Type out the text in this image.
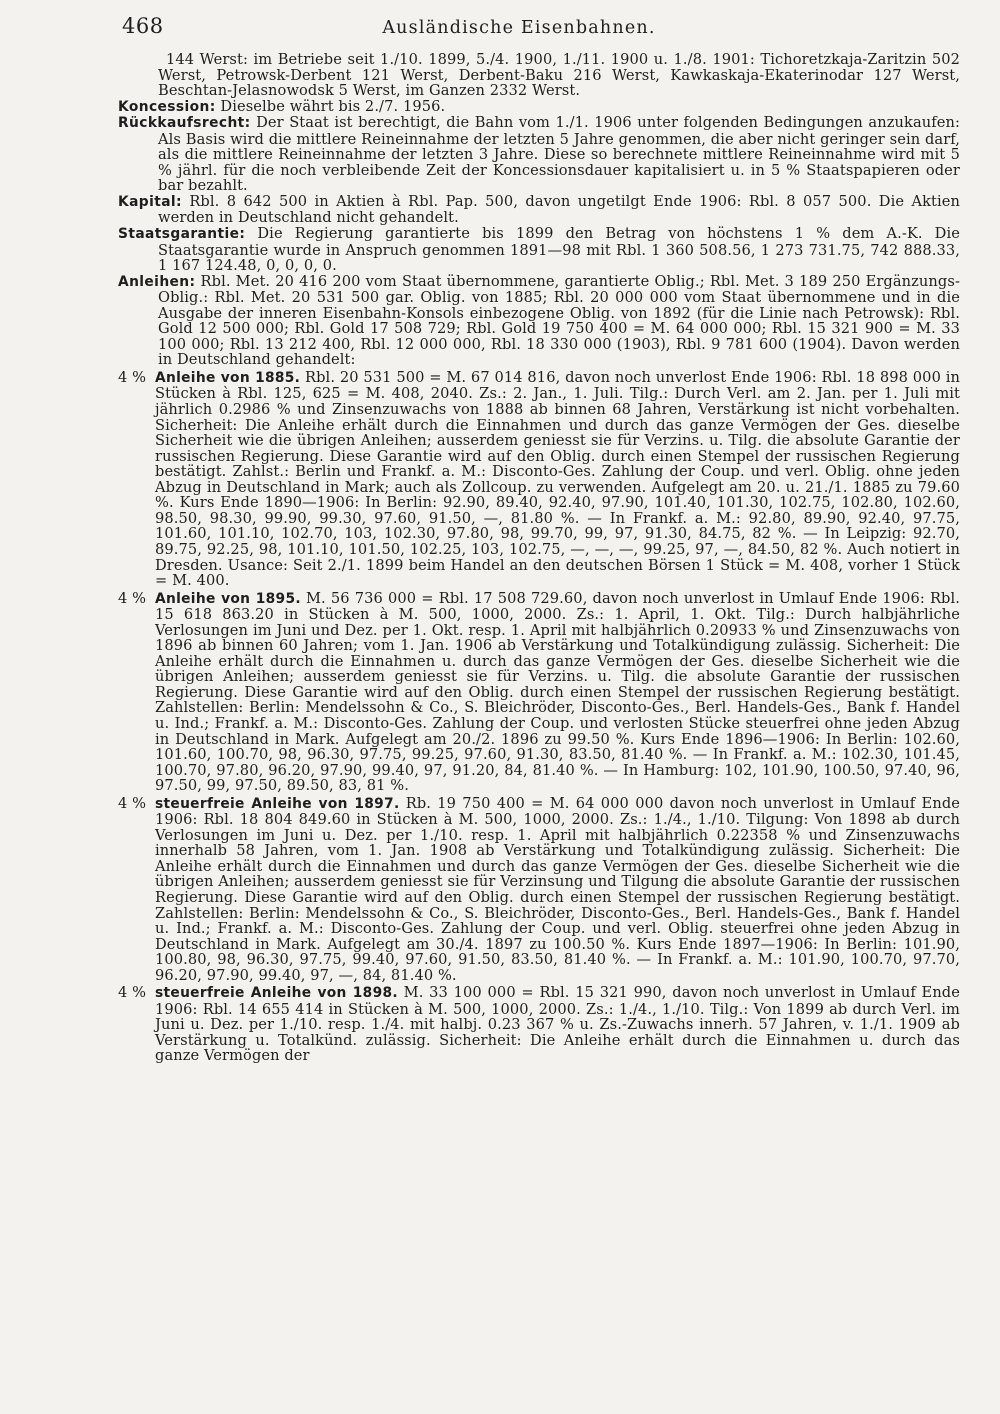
468	Ausländische Eisenbahnen.

144 Werst: im Betriebe seit 1./10. 1899, 5./4. 1900, 1./11. 1900 u. 1./8. 1901: Tichoretzkaja-Zaritzin 502 Werst, Petrowsk-Derbent 121 Werst, Derbent-Baku 216 Werst, Kawkaskaja-Ekaterinodar 127 Werst, Beschtan-Jelasnowodsk 5 Werst, im Ganzen 2332 Werst.

Koncession: Dieselbe währt bis 2./7. 1956.

Rückkaufsrecht: Der Staat ist berechtigt, die Bahn vom 1./1. 1906 unter folgenden Bedingungen anzukaufen: Als Basis wird die mittlere Reineinnahme der letzten 5 Jahre genommen, die aber nicht geringer sein darf, als die mittlere Reineinnahme der letzten 3 Jahre. Diese so berechnete mittlere Reineinnahme wird mit 5 % jährl. für die noch verbleibende Zeit der Koncessionsdauer kapitalisiert u. in 5 % Staatspapieren oder bar bezahlt.

Kapital: Rbl. 8 642 500 in Aktien à Rbl. Pap. 500, davon ungetilgt Ende 1906: Rbl. 8 057 500. Die Aktien werden in Deutschland nicht gehandelt.

Staatsgarantie: Die Regierung garantierte bis 1899 den Betrag von höchstens 1 % dem A.-K. Die Staatsgarantie wurde in Anspruch genommen 1891—98 mit Rbl. 1 360 508.56, 1 273 731.75, 742 888.33, 1 167 124.48, 0, 0, 0, 0.

Anleihen: Rbl. Met. 20 416 200 vom Staat übernommene, garantierte Oblig.; Rbl. Met. 3 189 250 Ergänzungs-Oblig.: Rbl. Met. 20 531 500 gar. Oblig. von 1885; Rbl. 20 000 000 vom Staat übernommene und in die Ausgabe der inneren Eisenbahn-Konsols einbezogene Oblig. von 1892 (für die Linie nach Petrowsk): Rbl. Gold 12 500 000; Rbl. Gold 17 508 729; Rbl. Gold 19 750 400 = M. 64 000 000; Rbl. 15 321 900 = M. 33 100 000; Rbl. 13 212 400, Rbl. 12 000 000, Rbl. 18 330 000 (1903), Rbl. 9 781 600 (1904). Davon werden in Deutschland gehandelt:

4 % Anleihe von 1885. Rbl. 20 531 500 = M. 67 014 816, davon noch unverlost Ende 1906: Rbl. 18 898 000 in Stücken à Rbl. 125, 625 = M. 408, 2040. Zs.: 2. Jan., 1. Juli. Tilg.: Durch Verl. am 2. Jan. per 1. Juli mit jährlich 0.2986 % und Zinsenzuwachs von 1888 ab binnen 68 Jahren, Verstärkung ist nicht vorbehalten. Sicherheit: Die Anleihe erhält durch die Einnahmen und durch das ganze Vermögen der Ges. dieselbe Sicherheit wie die übrigen Anleihen; ausserdem geniesst sie für Verzins. u. Tilg. die absolute Garantie der russischen Regierung. Diese Garantie wird auf den Oblig. durch einen Stempel der russischen Regierung bestätigt. Zahlst.: Berlin und Frankf. a. M.: Disconto-Ges. Zahlung der Coup. und verl. Oblig. ohne jeden Abzug in Deutschland in Mark; auch als Zollcoup. zu verwenden. Aufgelegt am 20. u. 21./1. 1885 zu 79.60 %. Kurs Ende 1890—1906: In Berlin: 92.90, 89.40, 92.40, 97.90, 101.40, 101.30, 102.75, 102.80, 102.60, 98.50, 98.30, 99.90, 99.30, 97.60, 91.50, —, 81.80 %. — In Frankf. a. M.: 92.80, 89.90, 92.40, 97.75, 101.60, 101.10, 102.70, 103, 102.30, 97.80, 98, 99.70, 99, 97, 91.30, 84.75, 82 %. — In Leipzig: 92.70, 89.75, 92.25, 98, 101.10, 101.50, 102.25, 103, 102.75, —, —, —, 99.25, 97, —, 84.50, 82 %. Auch notiert in Dresden. Usance: Seit 2./1. 1899 beim Handel an den deutschen Börsen 1 Stück = M. 408, vorher 1 Stück = M. 400.

4 % Anleihe von 1895. M. 56 736 000 = Rbl. 17 508 729.60, davon noch unverlost in Umlauf Ende 1906: Rbl. 15 618 863.20 in Stücken à M. 500, 1000, 2000. Zs.: 1. April, 1. Okt. Tilg.: Durch halbjährliche Verlosungen im Juni und Dez. per 1. Okt. resp. 1. April mit halbjährlich 0.20933 % und Zinsenzuwachs von 1896 ab binnen 60 Jahren; vom 1. Jan. 1906 ab Verstärkung und Totalkündigung zulässig. Sicherheit: Die Anleihe erhält durch die Einnahmen u. durch das ganze Vermögen der Ges. dieselbe Sicherheit wie die übrigen Anleihen; ausserdem geniesst sie für Verzins. u. Tilg. die absolute Garantie der russischen Regierung. Diese Garantie wird auf den Oblig. durch einen Stempel der russischen Regierung bestätigt. Zahlstellen: Berlin: Mendelssohn & Co., S. Bleichröder, Disconto-Ges., Berl. Handels-Ges., Bank f. Handel u. Ind.; Frankf. a. M.: Disconto-Ges. Zahlung der Coup. und verlosten Stücke steuerfrei ohne jeden Abzug in Deutschland in Mark. Aufgelegt am 20./2. 1896 zu 99.50 %. Kurs Ende 1896—1906: In Berlin: 102.60, 101.60, 100.70, 98, 96.30, 97.75, 99.25, 97.60, 91.30, 83.50, 81.40 %. — In Frankf. a. M.: 102.30, 101.45, 100.70, 97.80, 96.20, 97.90, 99.40, 97, 91.20, 84, 81.40 %. — In Hamburg: 102, 101.90, 100.50, 97.40, 96, 97.50, 99, 97.50, 89.50, 83, 81 %.

4 % steuerfreie Anleihe von 1897. Rb. 19 750 400 = M. 64 000 000 davon noch unverlost in Umlauf Ende 1906: Rbl. 18 804 849.60 in Stücken à M. 500, 1000, 2000. Zs.: 1./4., 1./10. Tilgung: Von 1898 ab durch Verlosungen im Juni u. Dez. per 1./10. resp. 1. April mit halbjährlich 0.22358 % und Zinsenzuwachs innerhalb 58 Jahren, vom 1. Jan. 1908 ab Verstärkung und Totalkündigung zulässig. Sicherheit: Die Anleihe erhält durch die Einnahmen und durch das ganze Vermögen der Ges. dieselbe Sicherheit wie die übrigen Anleihen; ausserdem geniesst sie für Verzinsung und Tilgung die absolute Garantie der russischen Regierung. Diese Garantie wird auf den Oblig. durch einen Stempel der russischen Regierung bestätigt. Zahlstellen: Berlin: Mendelssohn & Co., S. Bleichröder, Disconto-Ges., Berl. Handels-Ges., Bank f. Handel u. Ind.; Frankf. a. M.: Disconto-Ges. Zahlung der Coup. und verl. Oblig. steuerfrei ohne jeden Abzug in Deutschland in Mark. Aufgelegt am 30./4. 1897 zu 100.50 %. Kurs Ende 1897—1906: In Berlin: 101.90, 100.80, 98, 96.30, 97.75, 99.40, 97.60, 91.50, 83.50, 81.40 %. — In Frankf. a. M.: 101.90, 100.70, 97.70, 96.20, 97.90, 99.40, 97, —, 84, 81.40 %.

4 % steuerfreie Anleihe von 1898. M. 33 100 000 = Rbl. 15 321 990, davon noch unverlost in Umlauf Ende 1906: Rbl. 14 655 414 in Stücken à M. 500, 1000, 2000. Zs.: 1./4., 1./10. Tilg.: Von 1899 ab durch Verl. im Juni u. Dez. per 1./10. resp. 1./4. mit halbj. 0.23 367 % u. Zs.-Zuwachs innerh. 57 Jahren, v. 1./1. 1909 ab Verstärkung u. Totalkünd. zulässig. Sicherheit: Die Anleihe erhält durch die Einnahmen u. durch das ganze Vermögen der
